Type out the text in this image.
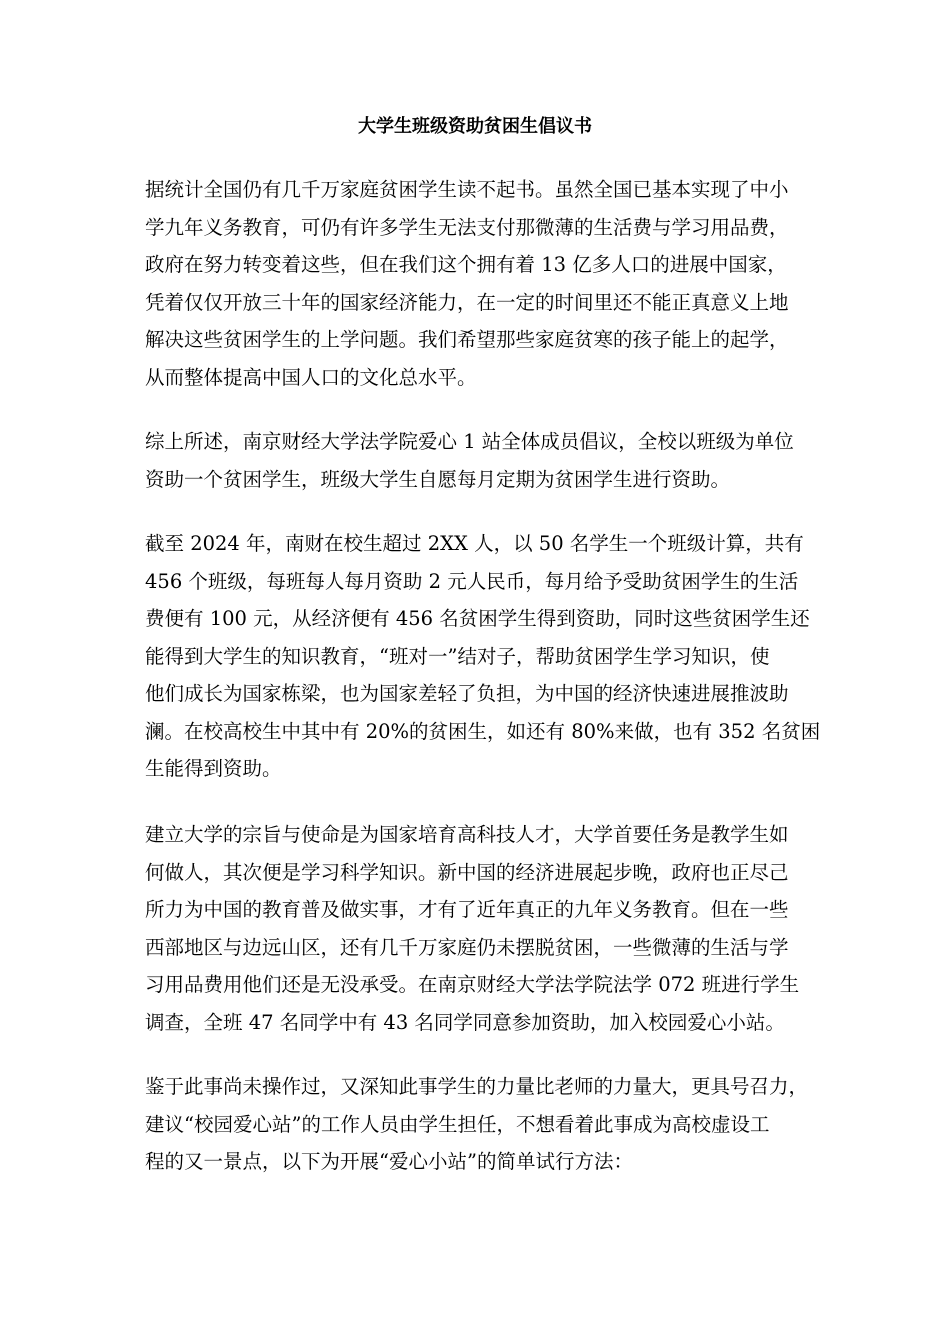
大学生班级资助贫困生倡议书

据统计全国仍有几千万家庭贫困学生读不起书。虽然全国已基本实现了中小
学九年义务教育，可仍有许多学生无法支付那微薄的生活费与学习用品费，
政府在努力转变着这些，但在我们这个拥有着 13 亿多人口的进展中国家，
凭着仅仅开放三十年的国家经济能力，在一定的时间里还不能正真意义上地
解决这些贫困学生的上学问题。我们希望那些家庭贫寒的孩子能上的起学，
从而整体提高中国人口的文化总水平。

综上所述，南京财经大学法学院爱心 1 站全体成员倡议，全校以班级为单位
资助一个贫困学生，班级大学生自愿每月定期为贫困学生进行资助。

截至 2024 年，南财在校生超过 2XX 人，以 50 名学生一个班级计算，共有
456 个班级，每班每人每月资助 2 元人民币，每月给予受助贫困学生的生活
费便有 100 元，从经济便有 456 名贫困学生得到资助，同时这些贫困学生还
能得到大学生的知识教育，“班对一”结对子，帮助贫困学生学习知识，使
他们成长为国家栋梁，也为国家差轻了负担，为中国的经济快速进展推波助
澜。在校高校生中其中有 20%的贫困生，如还有 80%来做，也有 352 名贫困
生能得到资助。

建立大学的宗旨与使命是为国家培育高科技人才，大学首要任务是教学生如
何做人，其次便是学习科学知识。新中国的经济进展起步晚，政府也正尽己
所力为中国的教育普及做实事，才有了近年真正的九年义务教育。但在一些
西部地区与边远山区，还有几千万家庭仍未摆脱贫困，一些微薄的生活与学
习用品费用他们还是无没承受。在南京财经大学法学院法学 072 班进行学生
调查，全班 47 名同学中有 43 名同学同意参加资助，加入校园爱心小站。

鉴于此事尚未操作过，又深知此事学生的力量比老师的力量大，更具号召力，
建议“校园爱心站”的工作人员由学生担任，不想看着此事成为高校虚设工
程的又一景点，以下为开展“爱心小站”的简单试行方法：
